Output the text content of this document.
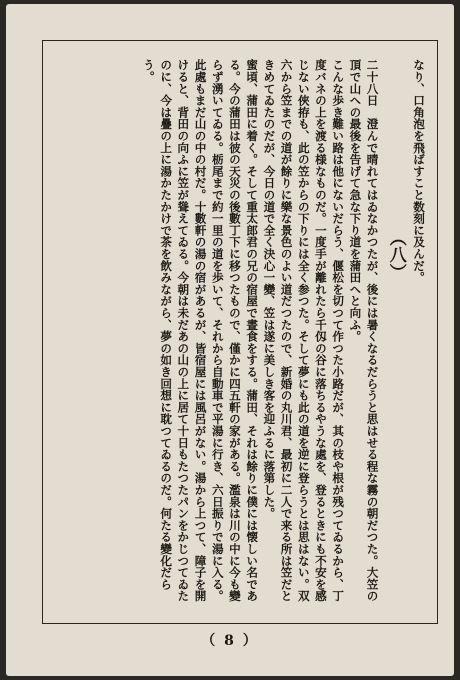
なり、口角泡を飛ばすこと数刻に及んだ。

（八）

二十八日　澄んで晴れてはゐなかつたが、後には暑くなるだらうと思はせる程な霧の朝だつた。大笠の頂で山への最後を告げて急な下り道を蒲田へと向ふ。

こんな歩き難い路は他にないだらう、偃松を切つて作つた小路だが、其の枝や根が残つてゐるから、丁度バネの上を渡る様なものだ。一度手が離れたら千仭の谷に落ちるやうな處を、登るときにも不安を感じない俠拵も、此の笠からの下りには全く参つた。そして夢にも此の道を逆に登らうとは思はない。双六から笠までの道が餘りに樂な景色のよい道だつたので、新婚の丸川君、最初に二人で来る所は笠だときめてゐたのだが、今日の道で全く決心一變、笠は遂に美しき客を迎ふるに落第した。

蜜頃、蒲田に着く。そして重太郎君の兄の宿屋で晝食をする。蒲田、それは餘りに僕には懐しい名である。今の蒲田は彼の天災の後數丁下に移つたもので、僅かに四五軒の家がある。濫泉は川の中に今も變らず湧いてゐる。栃尾まで約一里の道を歩いて、それから自動車で平湯に行き、六日振りで湯に入る。此處もまだ山の中の村だ。十數軒の湯の宿があるが、皆宿屋には風呂がない。湯から上つて、障子を開けると、背田の向ふに笠が聳えてゐる。今朝は未だあの山の上に居て十日もたつたパンをかじつてゐたのに、今は疊の上に湯かたかけで茶を飲みながら、夢の如き回想に耽つてゐるのだ。何たる變化だらう。

（ 8 ）
